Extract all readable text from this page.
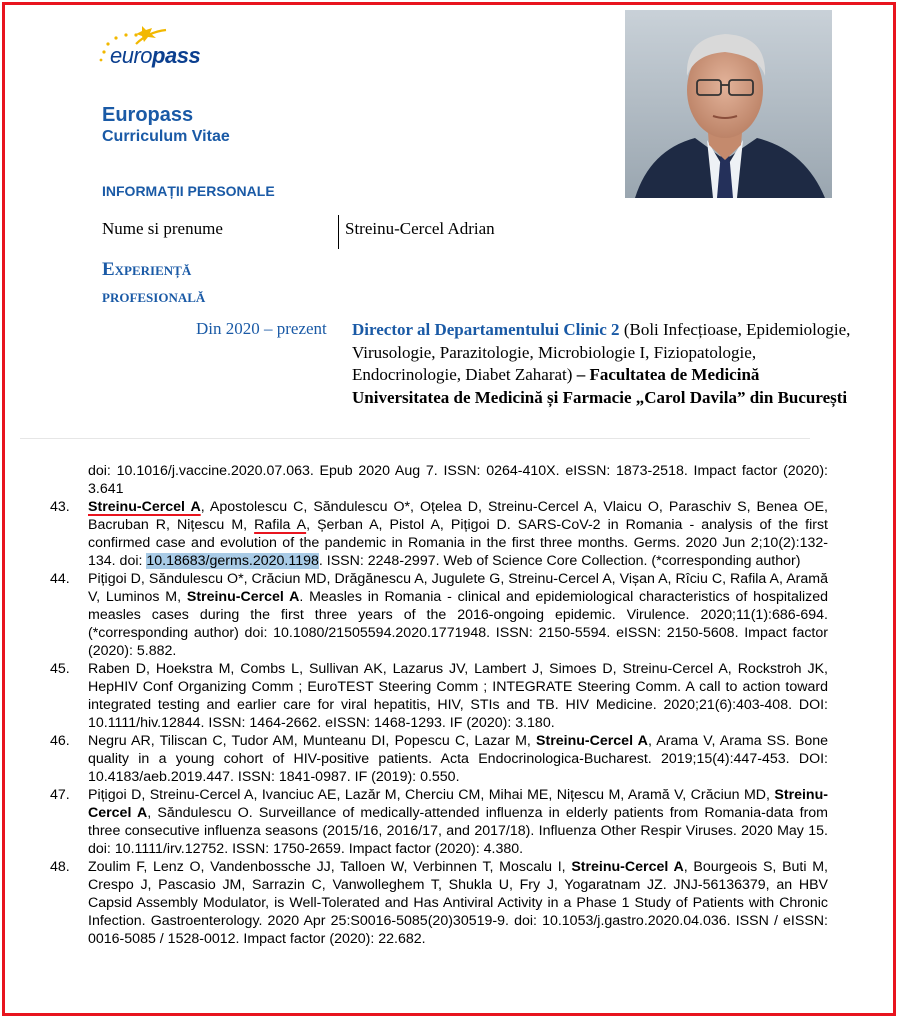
europass
Europass
Curriculum Vitae
INFORMAȚII PERSONALE
Nume si prenume	Streinu-Cercel Adrian
Experiență
profesională
Din 2020 – prezent Director al Departamentului Clinic 2 (Boli Infecțioase, Epidemiologie, Virusologie, Parazitologie, Microbiologie I, Fiziopatologie, Endocrinologie, Diabet Zaharat) – Facultatea de Medicină Universitatea de Medicină și Farmacie „Carol Davila” din București
doi: 10.1016/j.vaccine.2020.07.063. Epub 2020 Aug 7. ISSN: 0264-410X. eISSN: 1873-2518. Impact factor (2020): 3.641
43.	Streinu-Cercel A, Apostolescu C, Săndulescu O*, Oțelea D, Streinu-Cercel A, Vlaicu O, Paraschiv S, Benea OE, Bacruban R, Nițescu M, Rafila A, Șerban A, Pistol A, Pițigoi D. SARS-CoV-2 in Romania - analysis of the first confirmed case and evolution of the pandemic in Romania in the first three months. Germs. 2020 Jun 2;10(2):132-134. doi: 10.18683/germs.2020.1198. ISSN: 2248-2997. Web of Science Core Collection. (*corresponding author)
44.	Pițigoi D, Săndulescu O*, Crăciun MD, Drăgănescu A, Jugulete G, Streinu-Cercel A, Vișan A, Rîciu C, Rafila A, Aramă V, Luminos M, Streinu-Cercel A. Measles in Romania - clinical and epidemiological characteristics of hospitalized measles cases during the first three years of the 2016-ongoing epidemic. Virulence. 2020;11(1):686-694. (*corresponding author) doi: 10.1080/21505594.2020.1771948. ISSN: 2150-5594. eISSN: 2150-5608. Impact factor (2020): 5.882.
45.	Raben D, Hoekstra M, Combs L, Sullivan AK, Lazarus JV, Lambert J, Simoes D, Streinu-Cercel A, Rockstroh JK, HepHIV Conf Organizing Comm ; EuroTEST Steering Comm ; INTEGRATE Steering Comm. A call to action toward integrated testing and earlier care for viral hepatitis, HIV, STIs and TB. HIV Medicine. 2020;21(6):403-408. DOI: 10.1111/hiv.12844. ISSN: 1464-2662. eISSN: 1468-1293. IF (2020): 3.180.
46.	Negru AR, Tiliscan C, Tudor AM, Munteanu DI, Popescu C, Lazar M, Streinu-Cercel A, Arama V, Arama SS. Bone quality in a young cohort of HIV-positive patients. Acta Endocrinologica-Bucharest. 2019;15(4):447-453. DOI: 10.4183/aeb.2019.447. ISSN: 1841-0987. IF (2019): 0.550.
47.	Pițigoi D, Streinu-Cercel A, Ivanciuc AE, Lazăr M, Cherciu CM, Mihai ME, Nițescu M, Aramă V, Crăciun MD, Streinu-Cercel A, Săndulescu O. Surveillance of medically-attended influenza in elderly patients from Romania-data from three consecutive influenza seasons (2015/16, 2016/17, and 2017/18). Influenza Other Respir Viruses. 2020 May 15. doi: 10.1111/irv.12752. ISSN: 1750-2659. Impact factor (2020): 4.380.
48.	Zoulim F, Lenz O, Vandenbossche JJ, Talloen W, Verbinnen T, Moscalu I, Streinu-Cercel A, Bourgeois S, Buti M, Crespo J, Pascasio JM, Sarrazin C, Vanwolleghem T, Shukla U, Fry J, Yogaratnam JZ. JNJ-56136379, an HBV Capsid Assembly Modulator, is Well-Tolerated and Has Antiviral Activity in a Phase 1 Study of Patients with Chronic Infection. Gastroenterology. 2020 Apr 25:S0016-5085(20)30519-9. doi: 10.1053/j.gastro.2020.04.036. ISSN / eISSN: 0016-5085 / 1528-0012. Impact factor (2020): 22.682.
